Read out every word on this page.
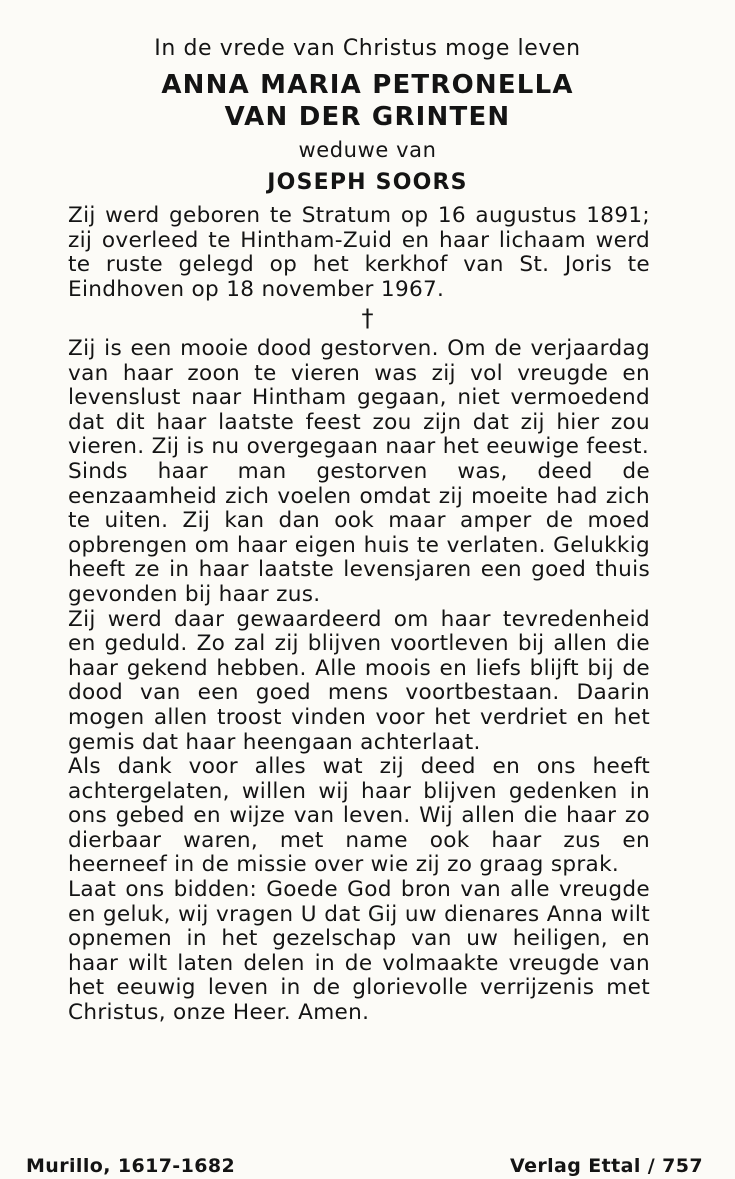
In de vrede van Christus moge leven
ANNA MARIA PETRONELLA
VAN DER GRINTEN
weduwe van
JOSEPH SOORS

Zij werd geboren te Stratum op 16 augustus 1891; zij overleed te Hintham-Zuid en haar lichaam werd te ruste gelegd op het kerkhof van St. Joris te Eindhoven op 18 november 1967.

†

Zij is een mooie dood gestorven. Om de verjaardag van haar zoon te vieren was zij vol vreugde en levenslust naar Hintham gegaan, niet vermoedend dat dit haar laatste feest zou zijn dat zij hier zou vieren. Zij is nu overgegaan naar het eeuwige feest.

Sinds haar man gestorven was, deed de eenzaamheid zich voelen omdat zij moeite had zich te uiten. Zij kan dan ook maar amper de moed opbrengen om haar eigen huis te verlaten. Gelukkig heeft ze in haar laatste levensjaren een goed thuis gevonden bij haar zus.

Zij werd daar gewaardeerd om haar tevredenheid en geduld. Zo zal zij blijven voortleven bij allen die haar gekend hebben. Alle moois en liefs blijft bij de dood van een goed mens voortbestaan. Daarin mogen allen troost vinden voor het verdriet en het gemis dat haar heengaan achterlaat.

Als dank voor alles wat zij deed en ons heeft achtergelaten, willen wij haar blijven gedenken in ons gebed en wijze van leven. Wij allen die haar zo dierbaar waren, met name ook haar zus en heerneef in de missie over wie zij zo graag sprak.

Laat ons bidden: Goede God bron van alle vreugde en geluk, wij vragen U dat Gij uw dienares Anna wilt opnemen in het gezelschap van uw heiligen, en haar wilt laten delen in de volmaakte vreugde van het eeuwig leven in de glorievolle verrijzenis met Christus, onze Heer. Amen.

Murillo, 1617-1682	Verlag Ettal / 757
